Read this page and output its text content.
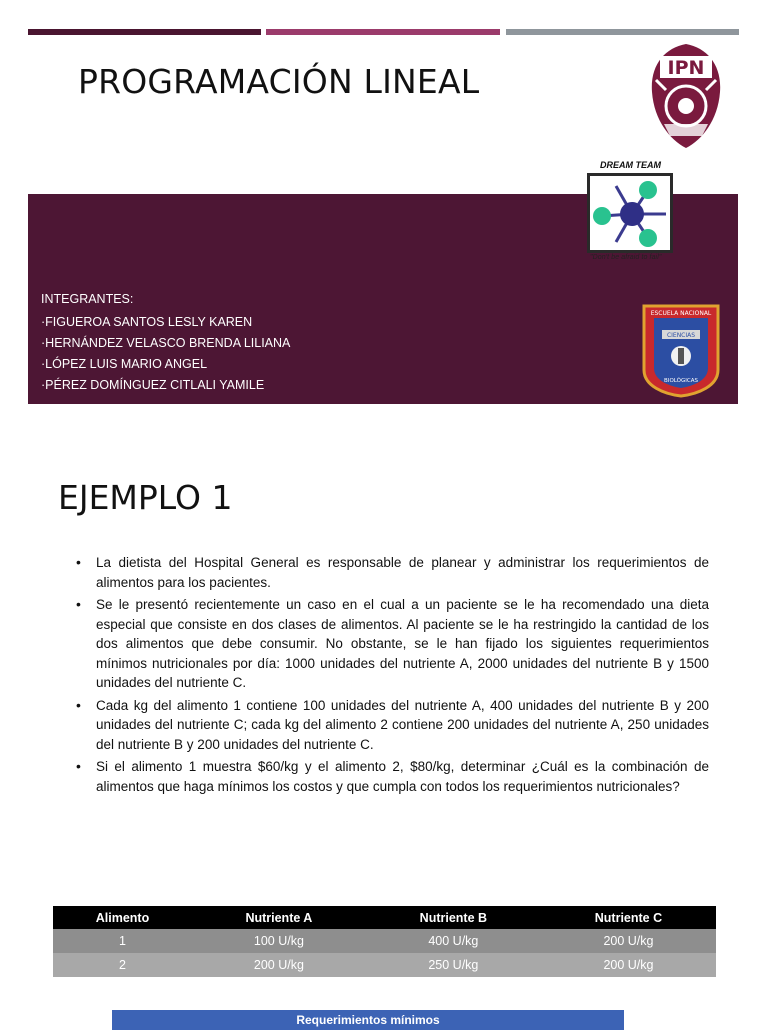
PROGRAMACIÓN LINEAL	IPN
DREAM TEAM
"Don't be afraid to fail"
INTEGRANTES:
·FIGUEROA SANTOS LESLY KAREN
·HERNÁNDEZ VELASCO BRENDA LILIANA
·LÓPEZ LUIS MARIO ANGEL
·PÉREZ DOMÍNGUEZ CITLALI YAMILE
ESCUELA NACIONAL
CIENCIAS
BIOLÓGICAS
EJEMPLO 1
• La dietista del Hospital General es responsable de planear y administrar los requerimientos de alimentos para los pacientes.
• Se le presentó recientemente un caso en el cual a un paciente se le ha recomendado una dieta especial que consiste en dos clases de alimentos. Al paciente se le ha restringido la cantidad de los dos alimentos que debe consumir. No obstante, se le han fijado los siguientes requerimientos mínimos nutricionales por día: 1000 unidades del nutriente A, 2000 unidades del nutriente B y 1500 unidades del nutriente C.
• Cada kg del alimento 1 contiene 100 unidades del nutriente A, 400 unidades del nutriente B y 200 unidades del nutriente C; cada kg del alimento 2 contiene 200 unidades del nutriente A, 250 unidades del nutriente B y 200 unidades del nutriente C.
• Si el alimento 1 muestra $60/kg y el alimento 2, $80/kg, determinar ¿Cuál es la combinación de alimentos que haga mínimos los costos y que cumpla con todos los requerimientos nutricionales?
Alimento	Nutriente A	Nutriente B	Nutriente C
1	100 U/kg	400 U/kg	200 U/kg
2	200 U/kg	250 U/kg	200 U/kg
Requerimientos mínimos
